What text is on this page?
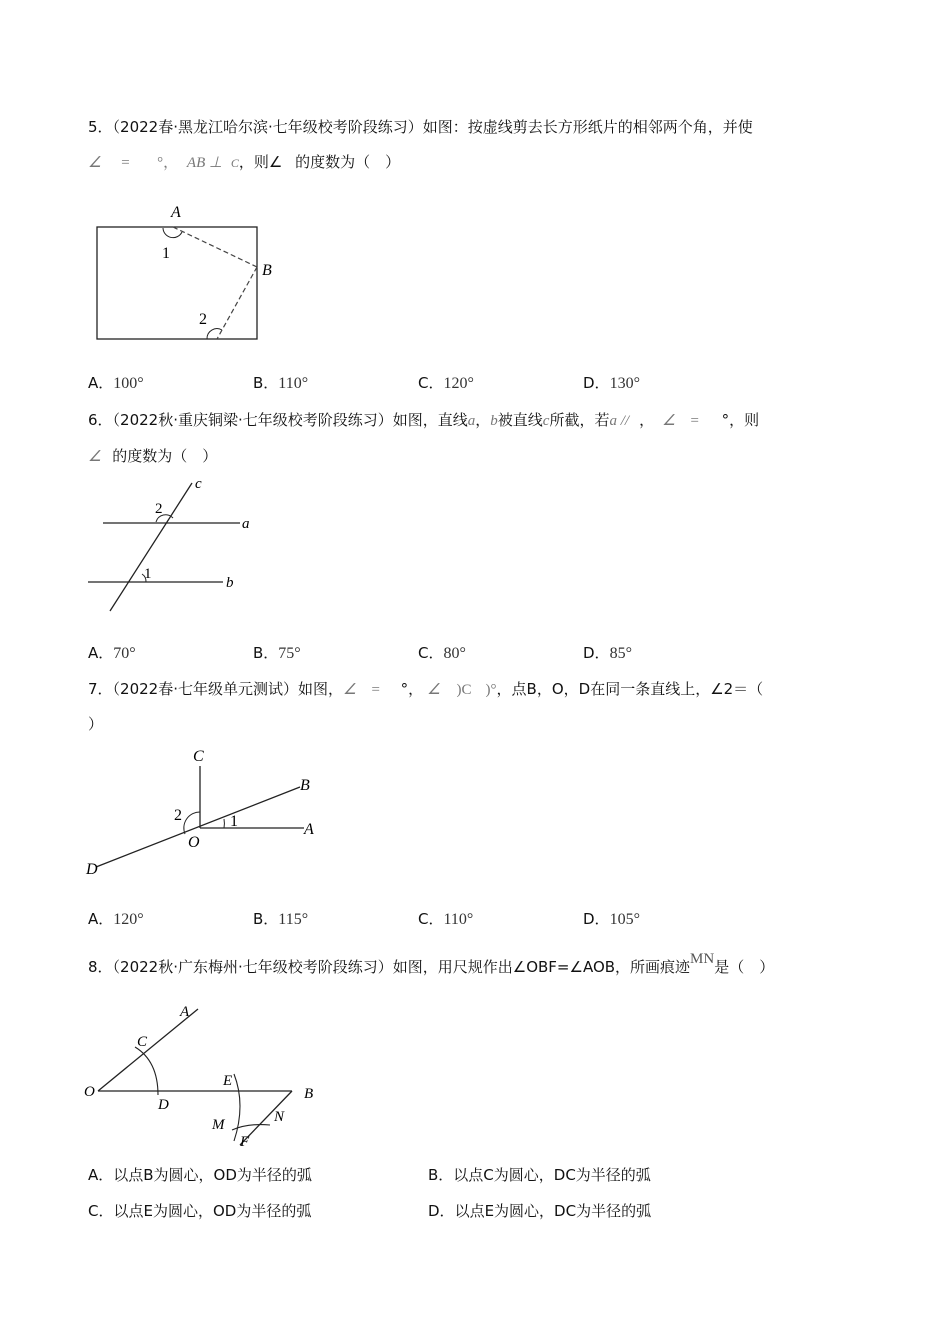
5．（2022春·黑龙江哈尔滨·七年级校考阶段练习）如图：按虚线剪去长方形纸片的相邻两个角，并使
∠ = °， AB ⊥ C，则∠ 的度数为（　）
A
B
1
2
A．100°	B．110°	C．120°	D．130°
6．（2022秋·重庆铜梁·七年级校考阶段练习）如图，直线a，b被直线c所截，若a // ， ∠ = °，则
∠ 的度数为（　）
c
a
b
2
1
A．70°	B．75°	C．80°	D．85°
7．（2022春·七年级单元测试）如图，∠ = °， ∠ )C )°，点B，O，D在同一条直线上，∠2＝（
）
C
B
A
O
D
2	1
A．120°	B．115°	C．110°	D．105°
8．（2022秋·广东梅州·七年级校考阶段练习）如图，用尺规作出∠OBF=∠AOB，所画痕迹MN是（　）
A
C
O
D
E
B
M	N
F
A．以点B为圆心，OD为半径的弧	B．以点C为圆心，DC为半径的弧
C．以点E为圆心，OD为半径的弧	D．以点E为圆心，DC为半径的弧
